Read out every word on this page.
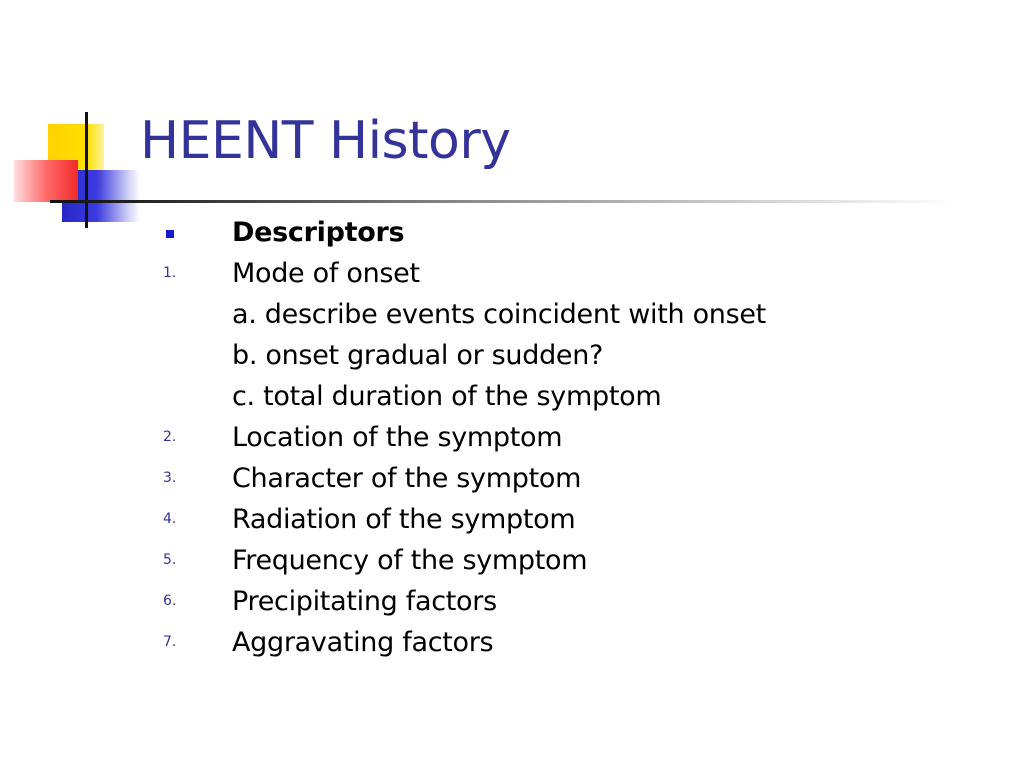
HEENT History
Descriptors
1. Mode of onset
a. describe events coincident with onset
b. onset gradual or sudden?
c. total duration of the symptom
2. Location of the symptom
3. Character of the symptom
4. Radiation of the symptom
5. Frequency of the symptom
6. Precipitating factors
7. Aggravating factors
